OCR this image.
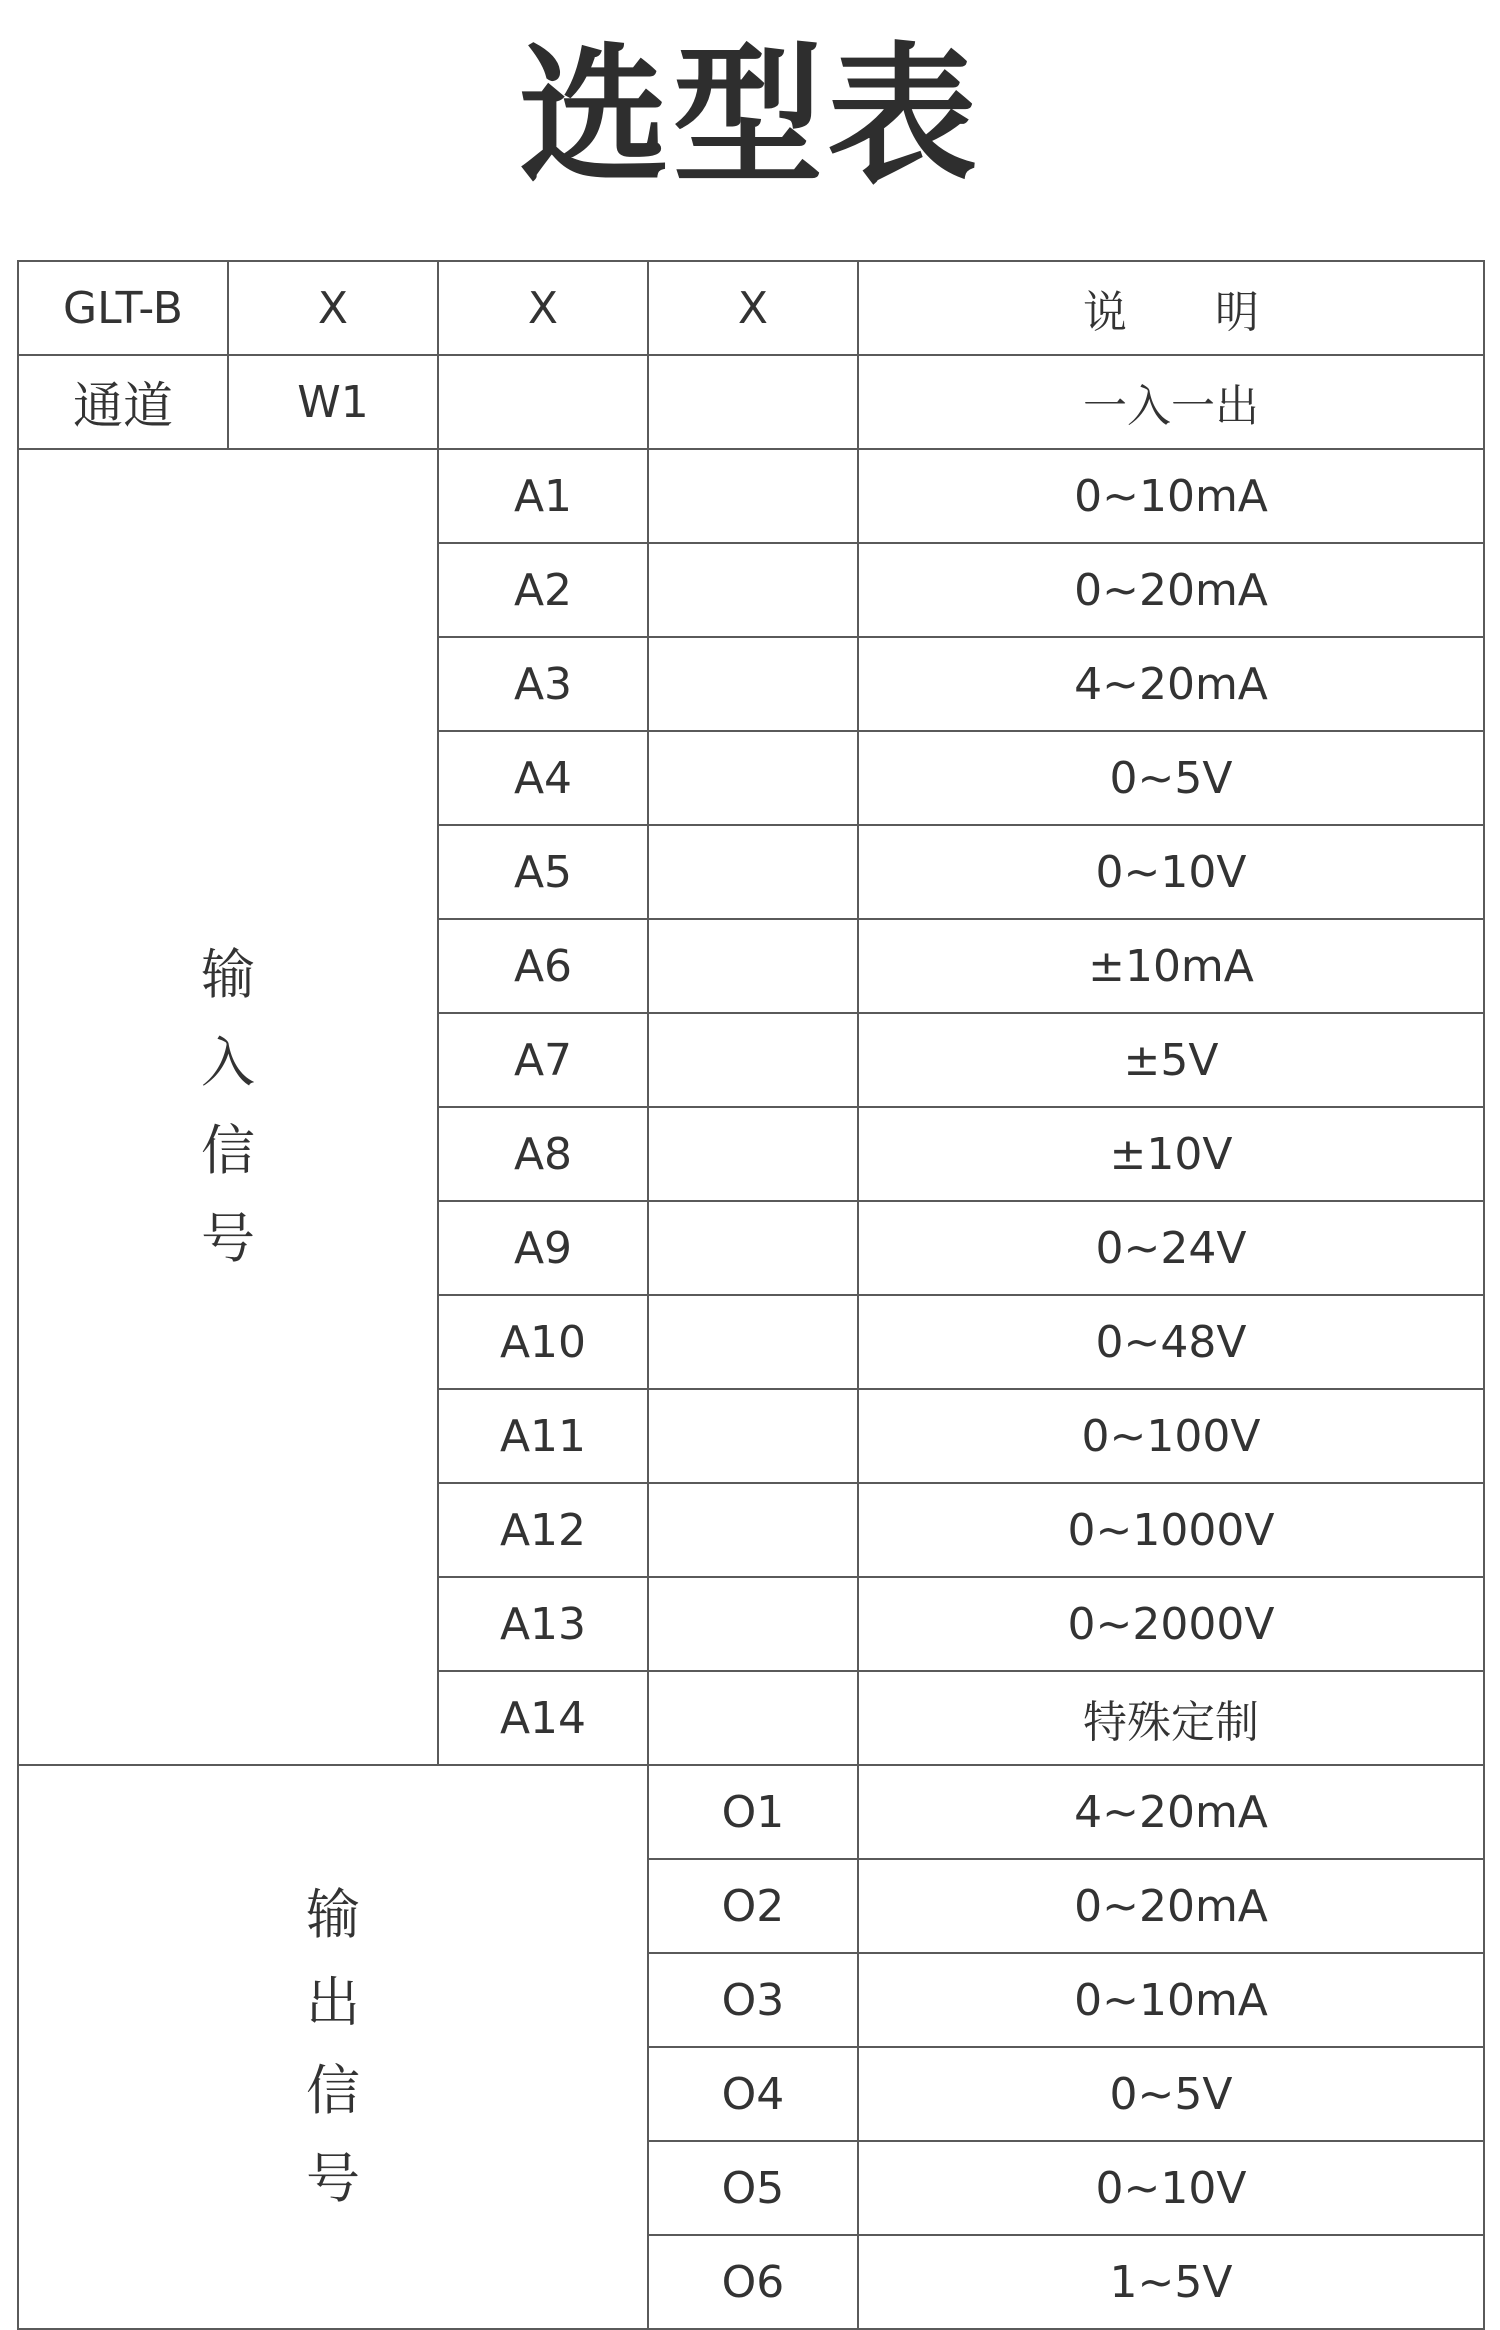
选型表
GLT-B	X	X	X	说　　明
通道	W1			一入一出

输
入
信
号		A1		0~10mA
		A2		0~20mA
		A3		4~20mA
		A4		0~5V
		A5		0~10V
		A6		±10mA
		A7		±5V
		A8		±10V
		A9		0~24V
		A10		0~48V
		A11		0~100V
		A12		0~1000V
		A13		0~2000V
		A14		特殊定制

输
出
信
号			O1	4~20mA
			O2	0~20mA
			O3	0~10mA
			O4	0~5V
			O5	0~10V
			O6	1~5V
